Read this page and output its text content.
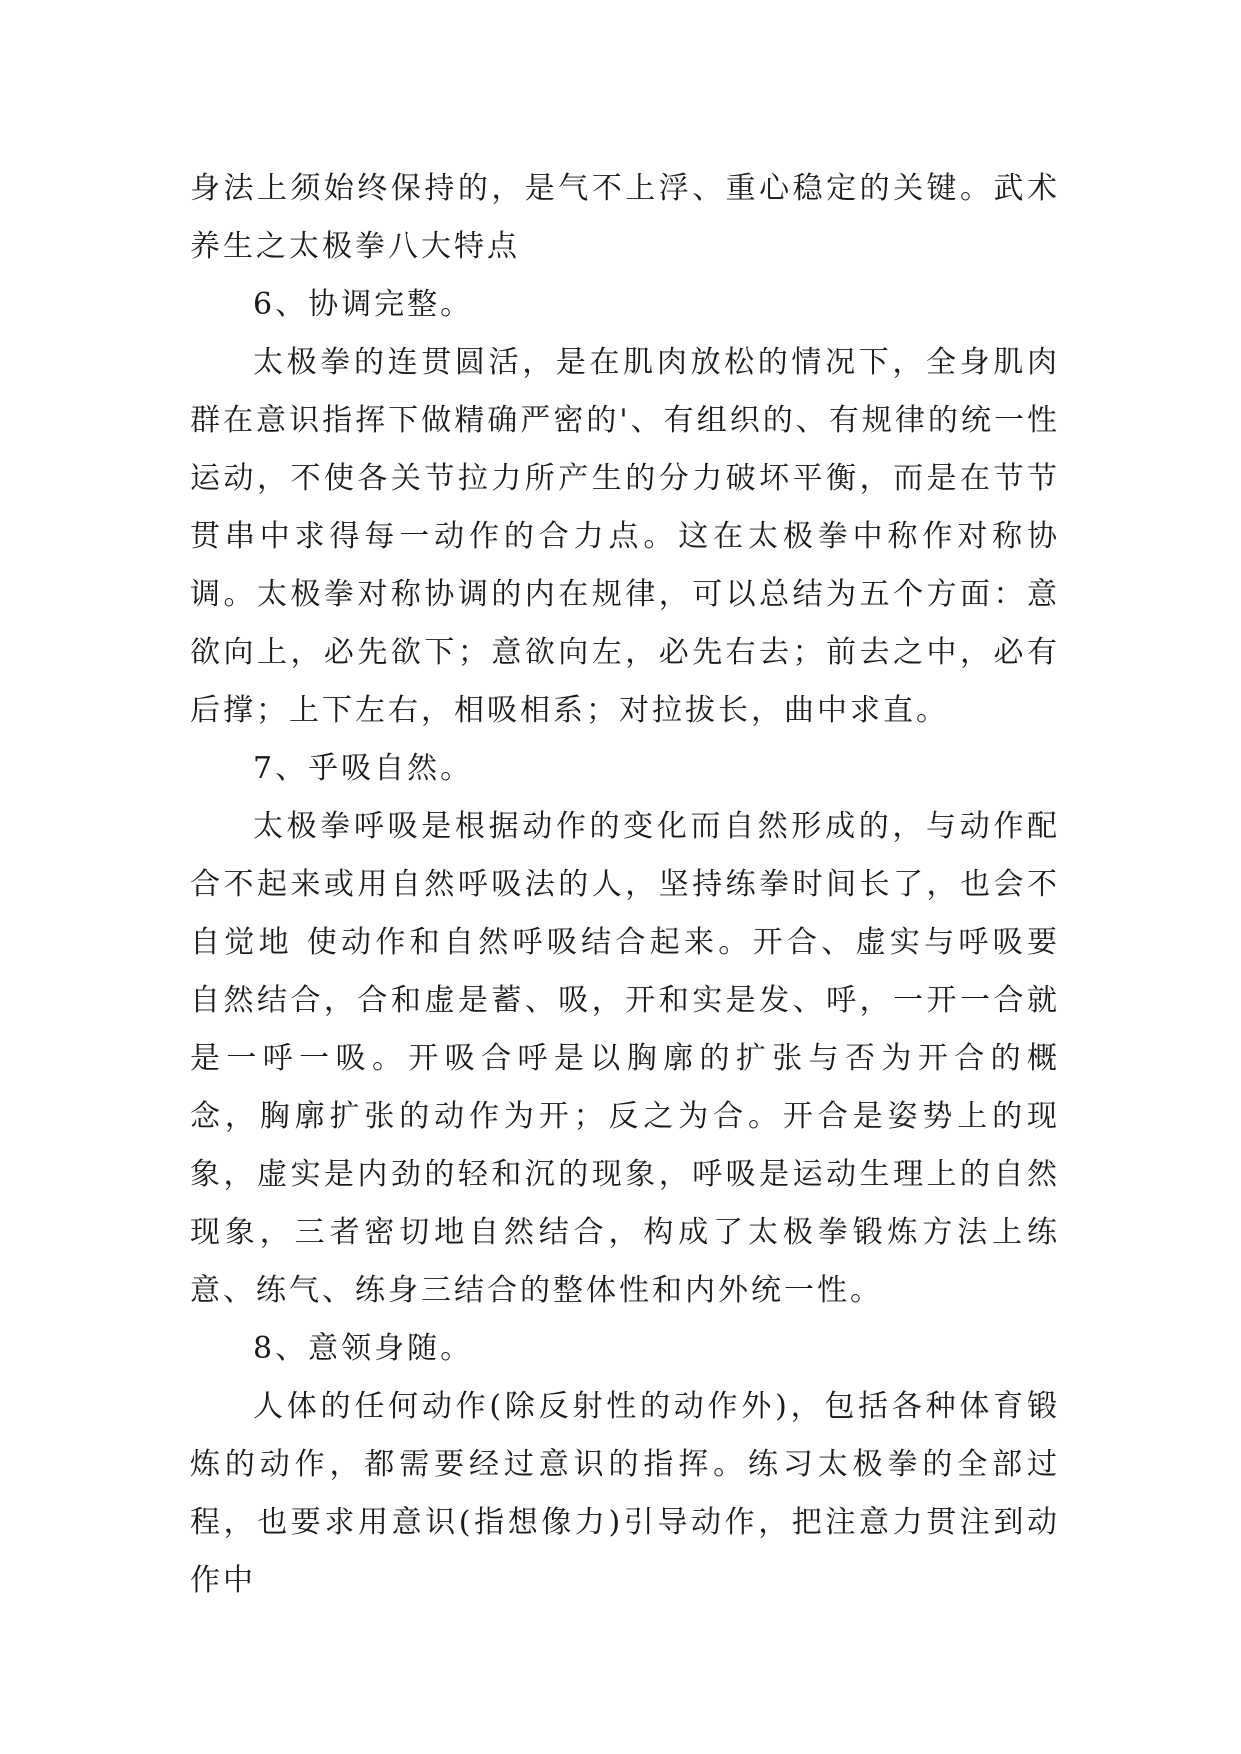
身法上须始终保持的，是气不上浮、重心稳定的关键。武术养生之太极拳八大特点

6、协调完整。

太极拳的连贯圆活，是在肌肉放松的情况下，全身肌肉群在意识指挥下做精确严密的'、有组织的、有规律的统一性运动，不使各关节拉力所产生的分力破坏平衡，而是在节节贯串中求得每一动作的合力点。这在太极拳中称作对称协调。太极拳对称协调的内在规律，可以总结为五个方面：意欲向上，必先欲下；意欲向左，必先右去；前去之中，必有后撑；上下左右，相吸相系；对拉拔长，曲中求直。

7、乎吸自然。

太极拳呼吸是根据动作的变化而自然形成的，与动作配合不起来或用自然呼吸法的人，坚持练拳时间长了，也会不自觉地 使动作和自然呼吸结合起来。开合、虚实与呼吸要自然结合，合和虚是蓄、吸，开和实是发、呼，一开一合就是一呼一吸。开吸合呼是以胸廓的扩张与否为开合的概 念，胸廓扩张的动作为开；反之为合。开合是姿势上的现象，虚实是内劲的轻和沉的现象，呼吸是运动生理上的自然现象，三者密切地自然结合，构成了太极拳锻炼方法上练意、练气、练身三结合的整体性和内外统一性。

8、意领身随。

人体的任何动作(除反射性的动作外)，包括各种体育锻炼的动作，都需要经过意识的指挥。练习太极拳的全部过程，也要求用意识(指想像力)引导动作，把注意力贯注到动作中
